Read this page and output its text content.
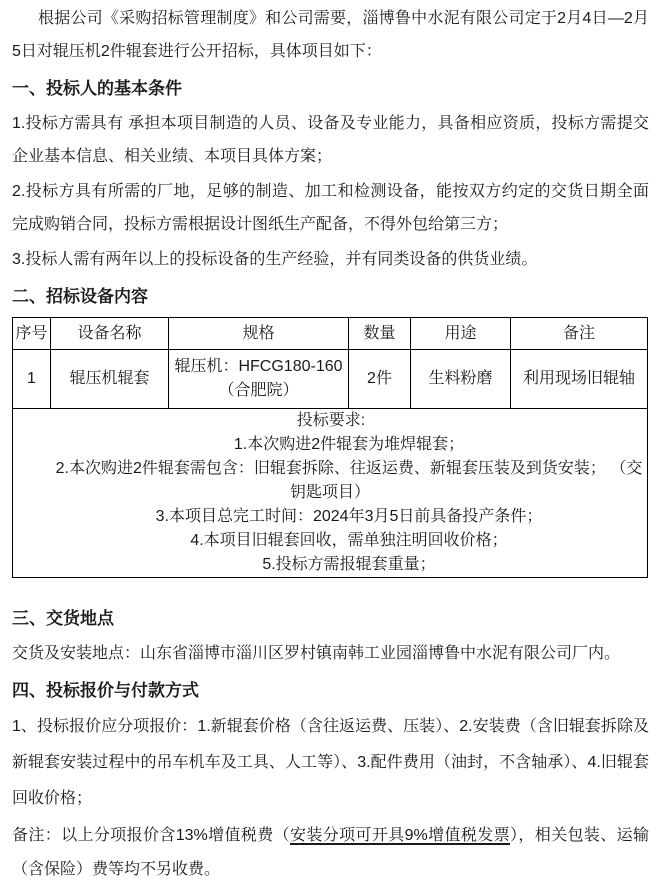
根据公司《采购招标管理制度》和公司需要，淄博鲁中水泥有限公司定于2月4日—2月5日对辊压机2件辊套进行公开招标，具体项目如下：

一、投标人的基本条件

1.投标方需具有 承担本项目制造的人员、设备及专业能力，具备相应资质，投标方需提交企业基本信息、相关业绩、本项目具体方案；

2.投标方具有所需的厂地，足够的制造、加工和检测设备，能按双方约定的交货日期全面完成购销合同，投标方需根据设计图纸生产配备，不得外包给第三方；

3.投标人需有两年以上的投标设备的生产经验，并有同类设备的供货业绩。

二、招标设备内容
序号	设备名称	规格	数量	用途	备注
1	辊压机辊套	辊压机：HFCG180-160（合肥院）	2件	生料粉磨	利用现场旧辊轴

投标要求:
1.本次购进2件辊套为堆焊辊套；
2.本次购进2件辊套需包含：旧辊套拆除、往返运费、新辊套压装及到货安装； （交钥匙项目）
3.本项目总完工时间：2024年3月5日前具备投产条件；
4.本项目旧辊套回收，需单独注明回收价格；
5.投标方需报辊套重量；
三、交货地点

交货及安装地点：山东省淄博市淄川区罗村镇南韩工业园淄博鲁中水泥有限公司厂内。

四、投标报价与付款方式

1、投标报价应分项报价：1.新辊套价格（含往返运费、压装）、2.安装费（含旧辊套拆除及新辊套安装过程中的吊车机车及工具、人工等）、3.配件费用（油封，不含轴承）、4.旧辊套回收价格；

备注：以上分项报价含13%增值税费（安装分项可开具9%增值税发票），相关包装、运输（含保险）费等均不另收费。
